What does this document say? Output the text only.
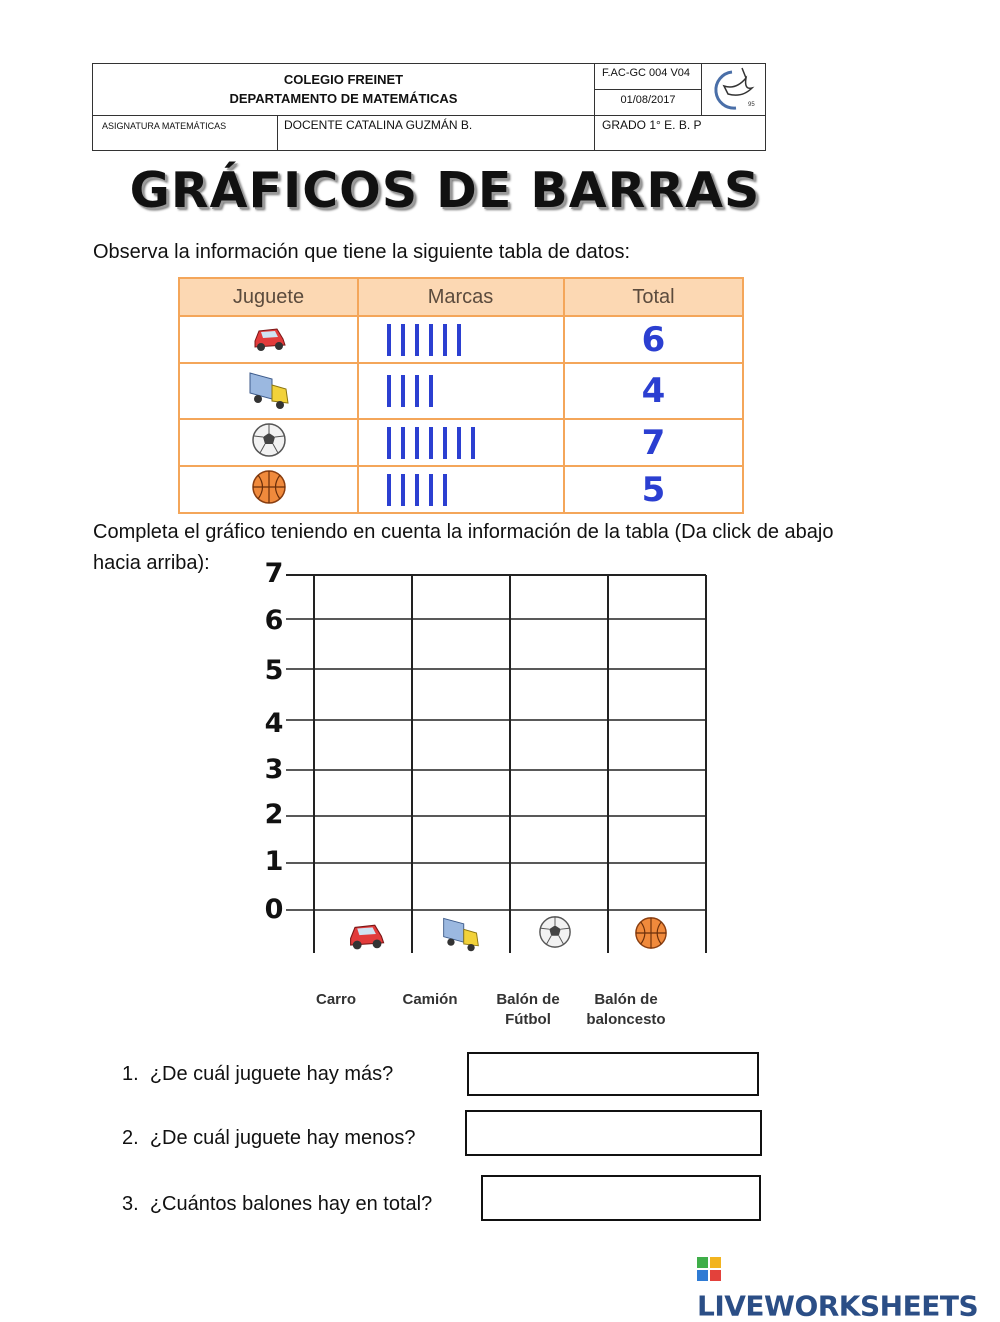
COLEGIO FREINET
DEPARTAMENTO DE MATEMÁTICAS
F.AC-GC 004 V04
01/08/2017	95
ASIGNATURA MATEMÁTICAS	DOCENTE CATALINA GUZMÁN B.	GRADO 1° E. B. P
GRÁFICOS DE BARRAS
Observa la información que tiene la siguiente tabla de datos:
Juguete	Marcas	Total
		6
		4
		7
		5
Completa el gráfico teniendo en cuenta la información de la tabla (Da click de abajo
hacia arriba): 7
6
5
4
3
2
1
0
Carro	Camión	Balón de
Fútbol
Balón de
baloncesto
1. ¿De cuál juguete hay más?
2. ¿De cuál juguete hay menos?
3. ¿Cuántos balones hay en total?
LIVEWORKSHEETS
